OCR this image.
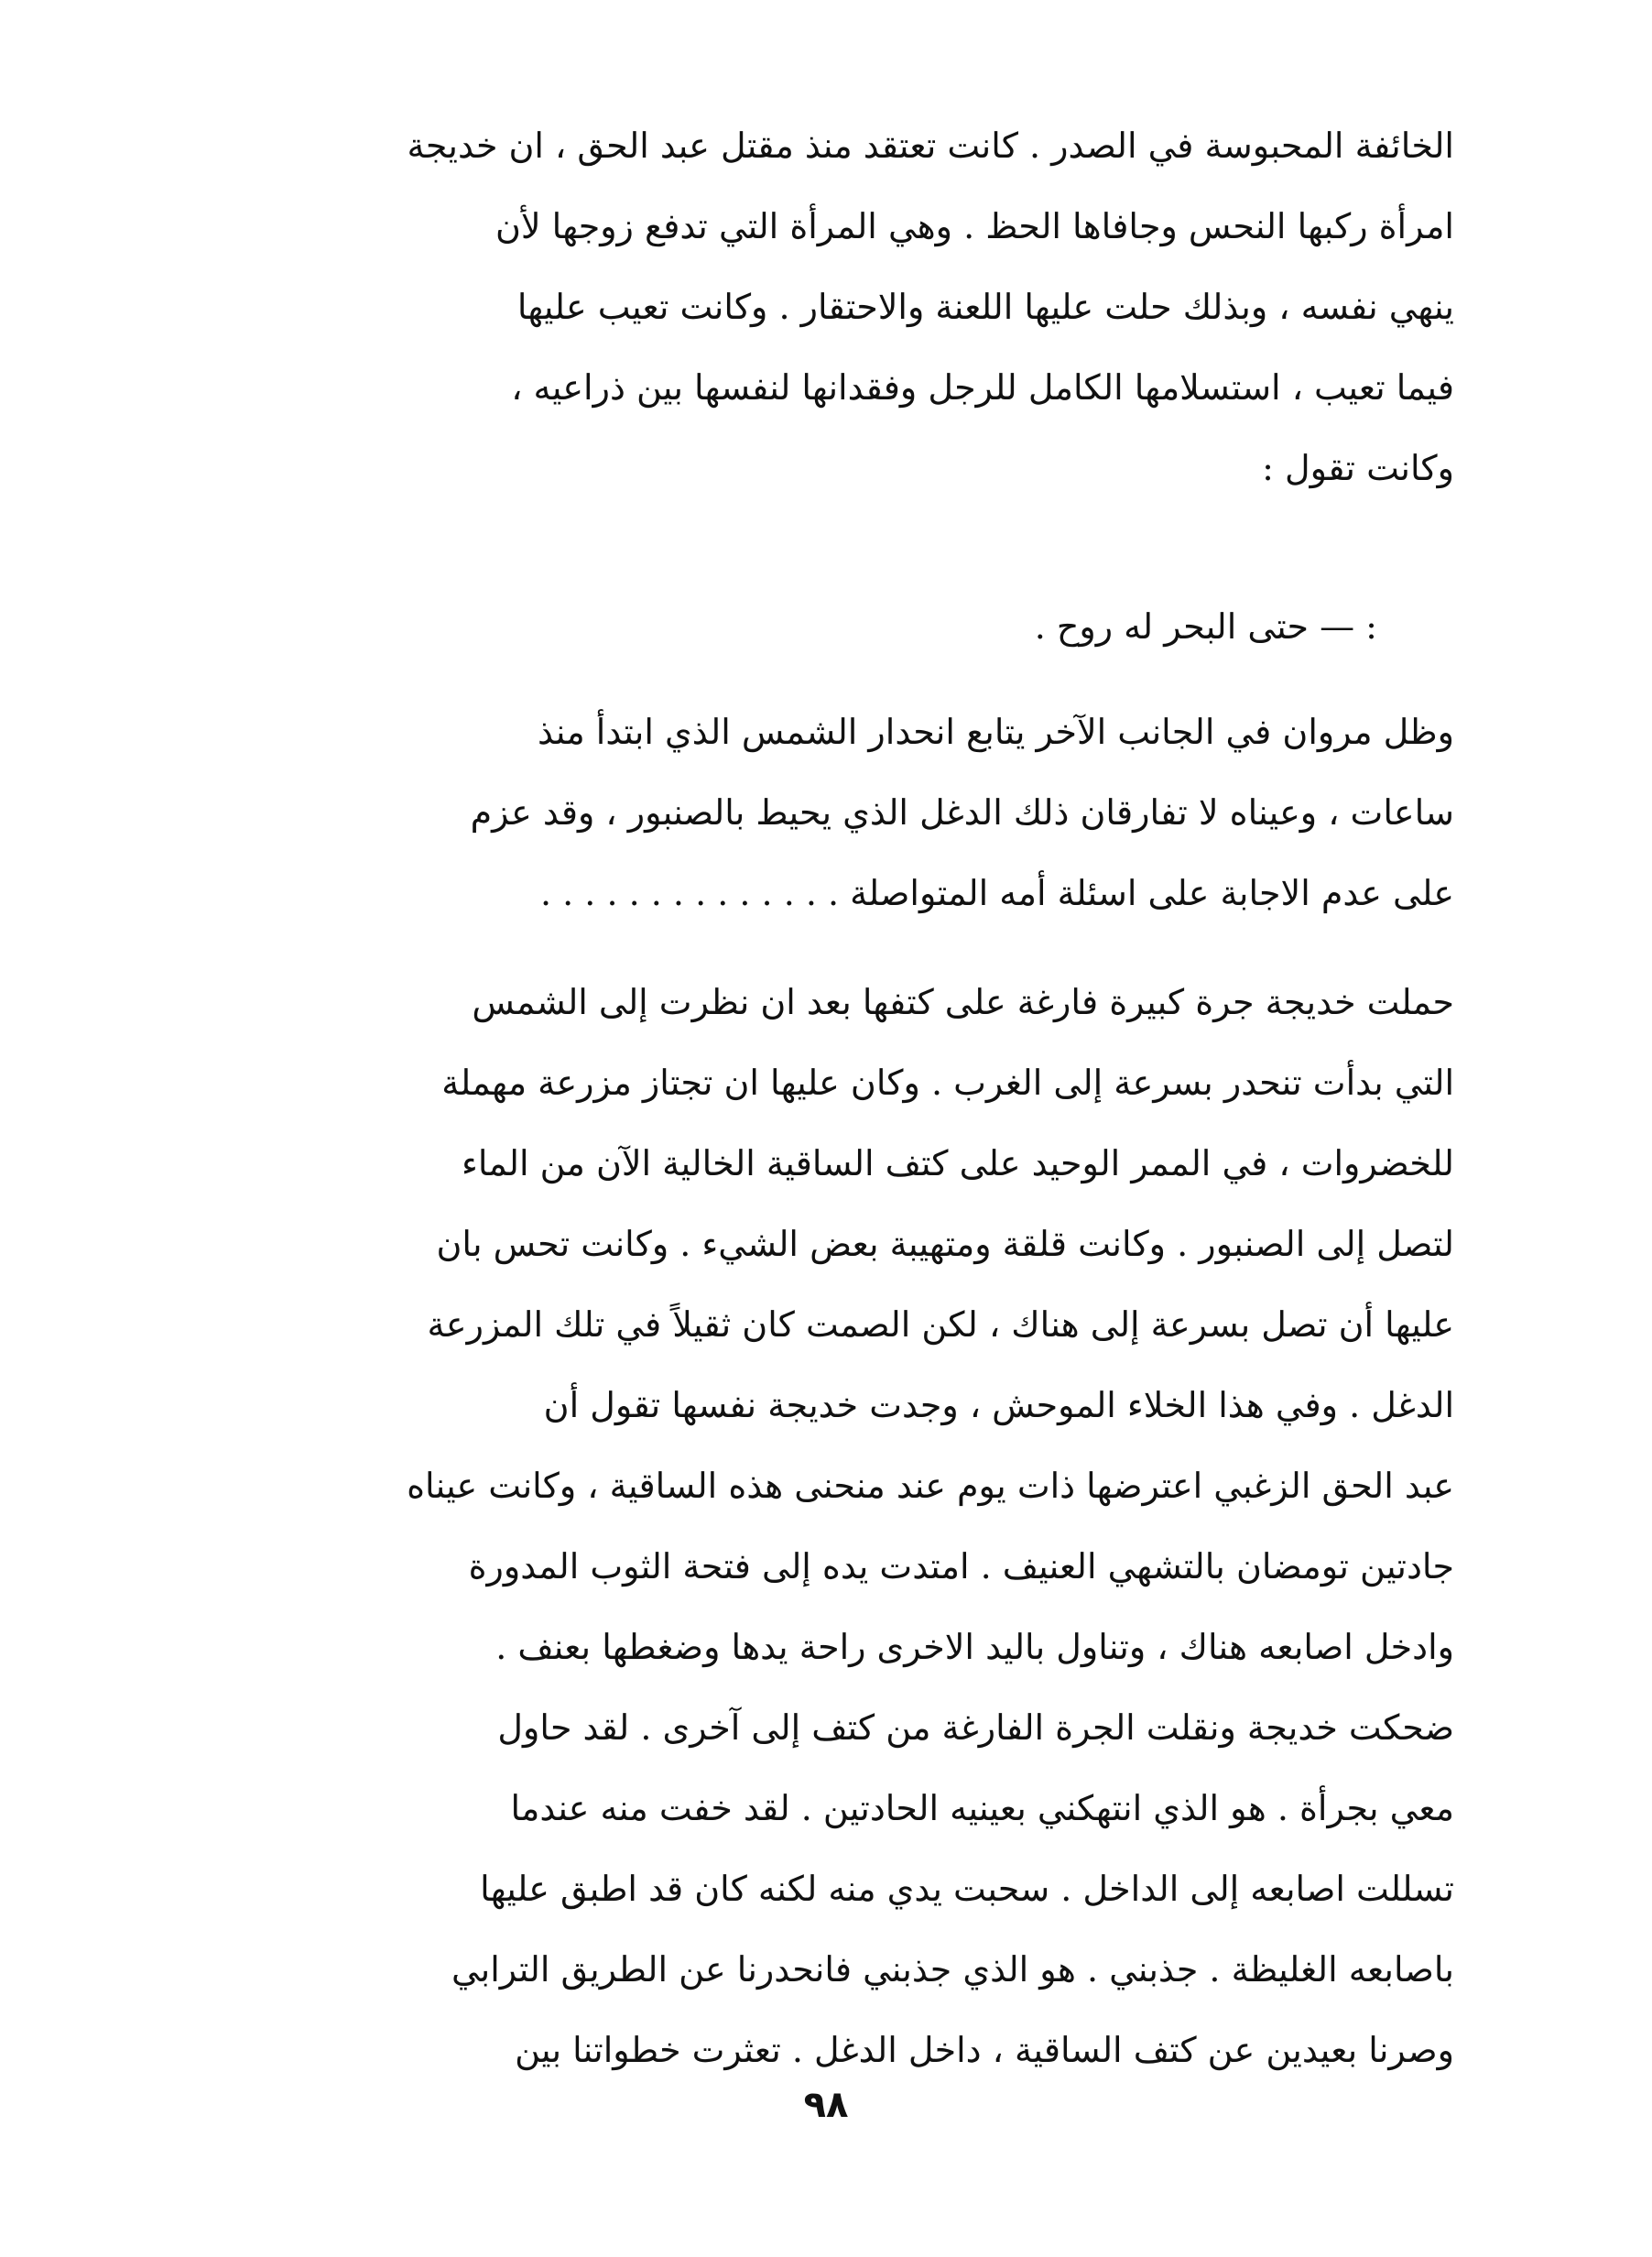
الخائفة المحبوسة في الصدر . كانت تعتقد منذ مقتل عبد الحق ، ان خديجة
امرأة ركبها النحس وجافاها الحظ . وهي المرأة التي تدفع زوجها لأن
ينهي نفسه ، وبذلك حلت عليها اللعنة والاحتقار . وكانت تعيب عليها
فيما تعيب ، استسلامها الكامل للرجل وفقدانها لنفسها بين ذراعيه ،
وكانت تقول :
: — حتى البحر له روح .
وظل مروان في الجانب الآخر يتابع انحدار الشمس الذي ابتدأ منذ
ساعات ، وعيناه لا تفارقان ذلك الدغل الذي يحيط بالصنبور ، وقد عزم
على عدم الاجابة على اسئلة أمه المتواصلة . . . . . . . . . . . . . .
حملت خديجة جرة كبيرة فارغة على كتفها بعد ان نظرت إلى الشمس
التي بدأت تنحدر بسرعة إلى الغرب . وكان عليها ان تجتاز مزرعة مهملة
للخضروات ، في الممر الوحيد على كتف الساقية الخالية الآن من الماء
لتصل إلى الصنبور . وكانت قلقة ومتهيبة بعض الشيء . وكانت تحس بان
عليها أن تصل بسرعة إلى هناك ، لكن الصمت كان ثقيلاً في تلك المزرعة
الدغل . وفي هذا الخلاء الموحش ، وجدت خديجة نفسها تقول أن
عبد الحق الزغبي اعترضها ذات يوم عند منحنى هذه الساقية ، وكانت عيناه
جادتين تومضان بالتشهي العنيف . امتدت يده إلى فتحة الثوب المدورة
وادخل اصابعه هناك ، وتناول باليد الاخرى راحة يدها وضغطها بعنف .
ضحكت خديجة ونقلت الجرة الفارغة من كتف إلى آخرى . لقد حاول
معي بجرأة . هو الذي انتهكني بعينيه الحادتين . لقد خفت منه عندما
تسللت اصابعه إلى الداخل . سحبت يدي منه لكنه كان قد اطبق عليها
باصابعه الغليظة . جذبني . هو الذي جذبني فانحدرنا عن الطريق الترابي
وصرنا بعيدين عن كتف الساقية ، داخل الدغل . تعثرت خطواتنا بين
٩٨
